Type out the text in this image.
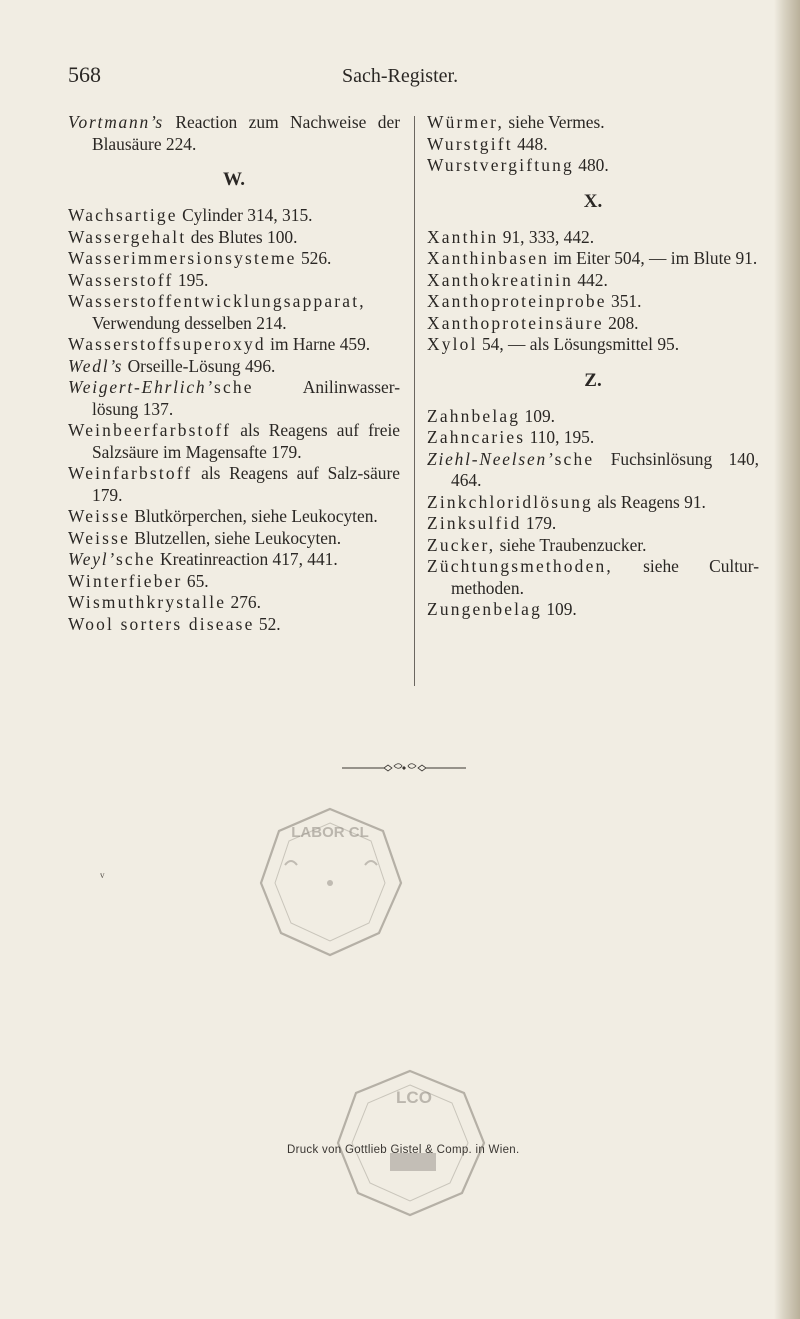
568	Sach-Register.
Vortmann’s Reaction zum Nachweise der Blausäure 224.
W.
Wachsartige Cylinder 314, 315.
Wassergehalt des Blutes 100.
Wasserimmersionsysteme 526.
Wasserstoff 195.
Wasserstoffentwicklungsapparat, Verwendung desselben 214.
Wasserstoffsuperoxyd im Harne 459.
Wedl’s Orseille-Lösung 496.
Weigert-Ehrlich’sche Anilinwasser-lösung 137.
Weinbeerfarbstoff als Reagens auf freie Salzsäure im Magensafte 179.
Weinfarbstoff als Reagens auf Salz-säure 179.
Weisse Blutkörperchen, siehe Leukocyten.
Weisse Blutzellen, siehe Leukocyten.
Weyl’sche Kreatinreaction 417, 441.
Winterfieber 65.
Wismuthkrystalle 276.
Wool sorters disease 52.
Würmer, siehe Vermes.
Wurstgift 448.
Wurstvergiftung 480.
X.
Xanthin 91, 333, 442.
Xanthinbasen im Eiter 504, — im Blute 91.
Xanthokreatinin 442.
Xanthoproteinprobe 351.
Xanthoproteinsäure 208.
Xylol 54, — als Lösungsmittel 95.
Z.
Zahnbelag 109.
Zahncaries 110, 195.
Ziehl-Neelsen’sche Fuchsinlösung 140, 464.
Zinkchloridlösung als Reagens 91.
Zinksulfid 179.
Zucker, siehe Traubenzucker.
Züchtungsmethoden, siehe Cultur-methoden.
Zungenbelag 109.
LABOR CL
LCO
Druck von Gottlieb Gistel & Comp. in Wien.
v
